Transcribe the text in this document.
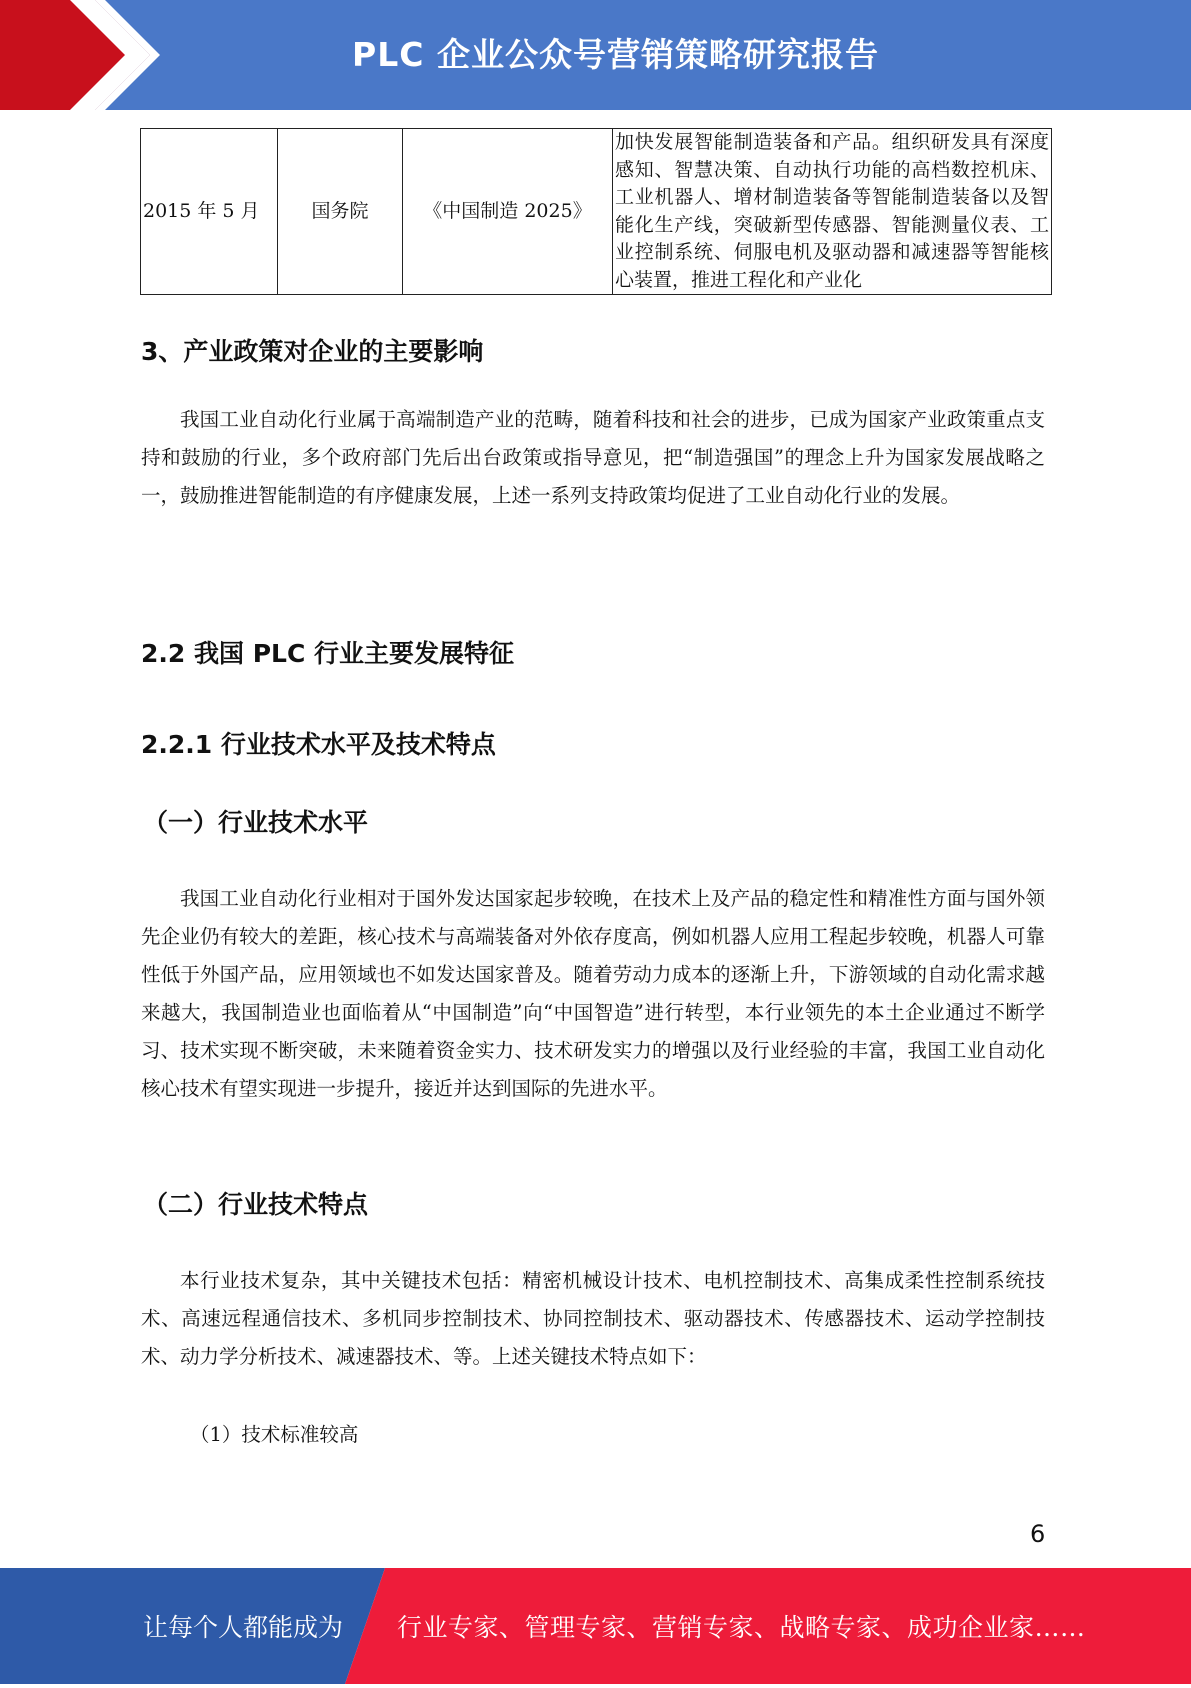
PLC 企业公众号营销策略研究报告
2015 年 5 月	国务院	《中国制造 2025》	加快发展智能制造装备和产品。组织研发具有深度感知、智慧决策、自动执行功能的高档数控机床、工业机器人、增材制造装备等智能制造装备以及智能化生产线，突破新型传感器、智能测量仪表、工业控制系统、伺服电机及驱动器和减速器等智能核心装置，推进工程化和产业化
3、产业政策对企业的主要影响

我国工业自动化行业属于高端制造产业的范畴，随着科技和社会的进步，已成为国家产业政策重点支持和鼓励的行业，多个政府部门先后出台政策或指导意见，把“制造强国”的理念上升为国家发展战略之一，鼓励推进智能制造的有序健康发展，上述一系列支持政策均促进了工业自动化行业的发展。

2.2 我国 PLC 行业主要发展特征
2.2.1 行业技术水平及技术特点
（一）行业技术水平

我国工业自动化行业相对于国外发达国家起步较晚，在技术上及产品的稳定性和精准性方面与国外领先企业仍有较大的差距，核心技术与高端装备对外依存度高，例如机器人应用工程起步较晚，机器人可靠性低于外国产品，应用领域也不如发达国家普及。随着劳动力成本的逐渐上升，下游领域的自动化需求越来越大，我国制造业也面临着从“中国制造”向“中国智造”进行转型，本行业领先的本土企业通过不断学习、技术实现不断突破，未来随着资金实力、技术研发实力的增强以及行业经验的丰富，我国工业自动化核心技术有望实现进一步提升，接近并达到国际的先进水平。

（二）行业技术特点

本行业技术复杂，其中关键技术包括：精密机械设计技术、电机控制技术、高集成柔性控制系统技术、高速远程通信技术、多机同步控制技术、协同控制技术、驱动器技术、传感器技术、运动学控制技术、动力学分析技术、减速器技术、等。上述关键技术特点如下：

（1）技术标准较高
6
让每个人都能成为 行业专家、管理专家、营销专家、战略专家、成功企业家……
